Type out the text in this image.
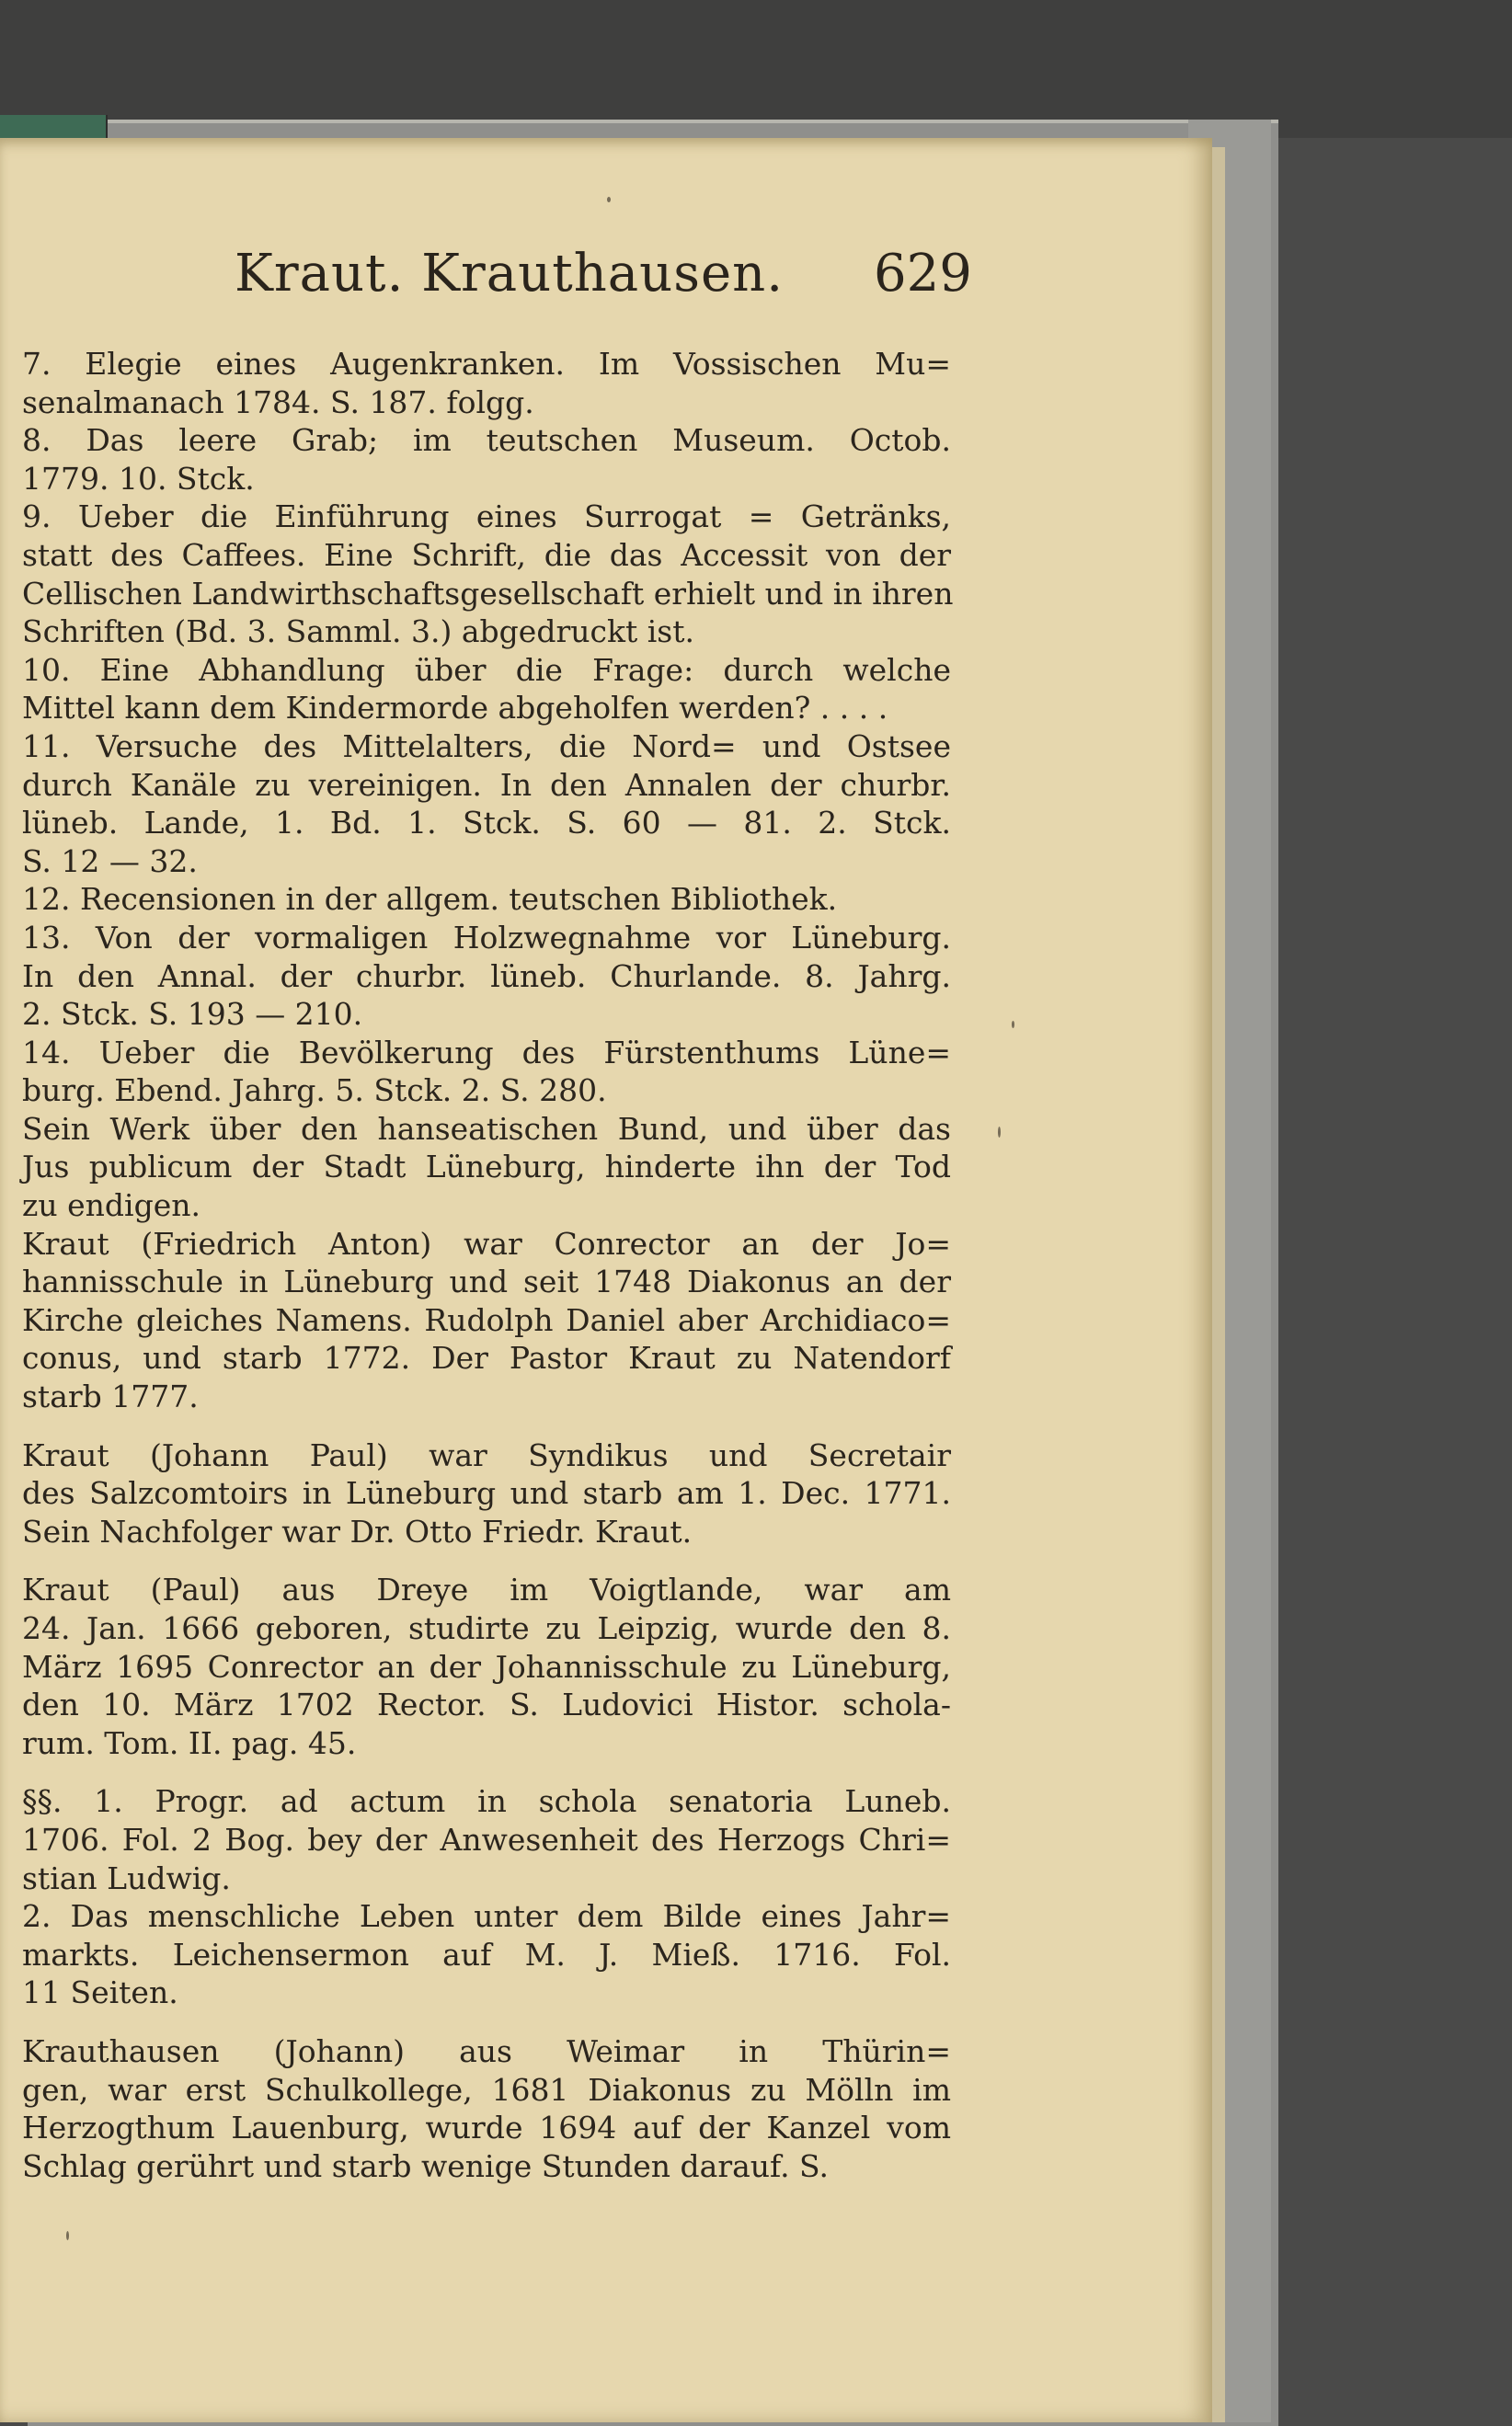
Kraut. Krauthausen. 629
7. Elegie eines Augenkranken. Im Vossischen Mu=
senalmanach 1784. S. 187. folgg.
8. Das leere Grab; im teutschen Museum. Octob.
1779. 10. Stck.
9. Ueber die Einführung eines Surrogat = Getränks,
statt des Caffees. Eine Schrift, die das Accessit von der
Cellischen Landwirthschaftsgesellschaft erhielt und in ihren
Schriften (Bd. 3. Samml. 3.) abgedruckt ist.
10. Eine Abhandlung über die Frage: durch welche
Mittel kann dem Kindermorde abgeholfen werden? . . . .
11. Versuche des Mittelalters, die Nord= und Ostsee
durch Kanäle zu vereinigen. In den Annalen der churbr.
lüneb. Lande, 1. Bd. 1. Stck. S. 60 — 81. 2. Stck.
S. 12 — 32.
12. Recensionen in der allgem. teutschen Bibliothek.
13. Von der vormaligen Holzwegnahme vor Lüneburg.
In den Annal. der churbr. lüneb. Churlande. 8. Jahrg.
2. Stck. S. 193 — 210.
14. Ueber die Bevölkerung des Fürstenthums Lüne=
burg. Ebend. Jahrg. 5. Stck. 2. S. 280.
Sein Werk über den hanseatischen Bund, und über das
Jus publicum der Stadt Lüneburg, hinderte ihn der Tod
zu endigen.
Kraut (Friedrich Anton) war Conrector an der Jo=
hannisschule in Lüneburg und seit 1748 Diakonus an der
Kirche gleiches Namens. Rudolph Daniel aber Archidiaco=
conus, und starb 1772. Der Pastor Kraut zu Natendorf
starb 1777.
Kraut (Johann Paul) war Syndikus und Secretair
des Salzcomtoirs in Lüneburg und starb am 1. Dec. 1771.
Sein Nachfolger war Dr. Otto Friedr. Kraut.
Kraut (Paul) aus Dreye im Voigtlande, war am
24. Jan. 1666 geboren, studirte zu Leipzig, wurde den 8.
März 1695 Conrector an der Johannisschule zu Lüneburg,
den 10. März 1702 Rector. S. Ludovici Histor. schola-
rum. Tom. II. pag. 45.
§§. 1. Progr. ad actum in schola senatoria Luneb.
1706. Fol. 2 Bog. bey der Anwesenheit des Herzogs Chri=
stian Ludwig.
2. Das menschliche Leben unter dem Bilde eines Jahr=
markts. Leichensermon auf M. J. Mieß. 1716. Fol.
11 Seiten.
Krauthausen (Johann) aus Weimar in Thürin=
gen, war erst Schulkollege, 1681 Diakonus zu Mölln im
Herzogthum Lauenburg, wurde 1694 auf der Kanzel vom
Schlag gerührt und starb wenige Stunden darauf. S.
